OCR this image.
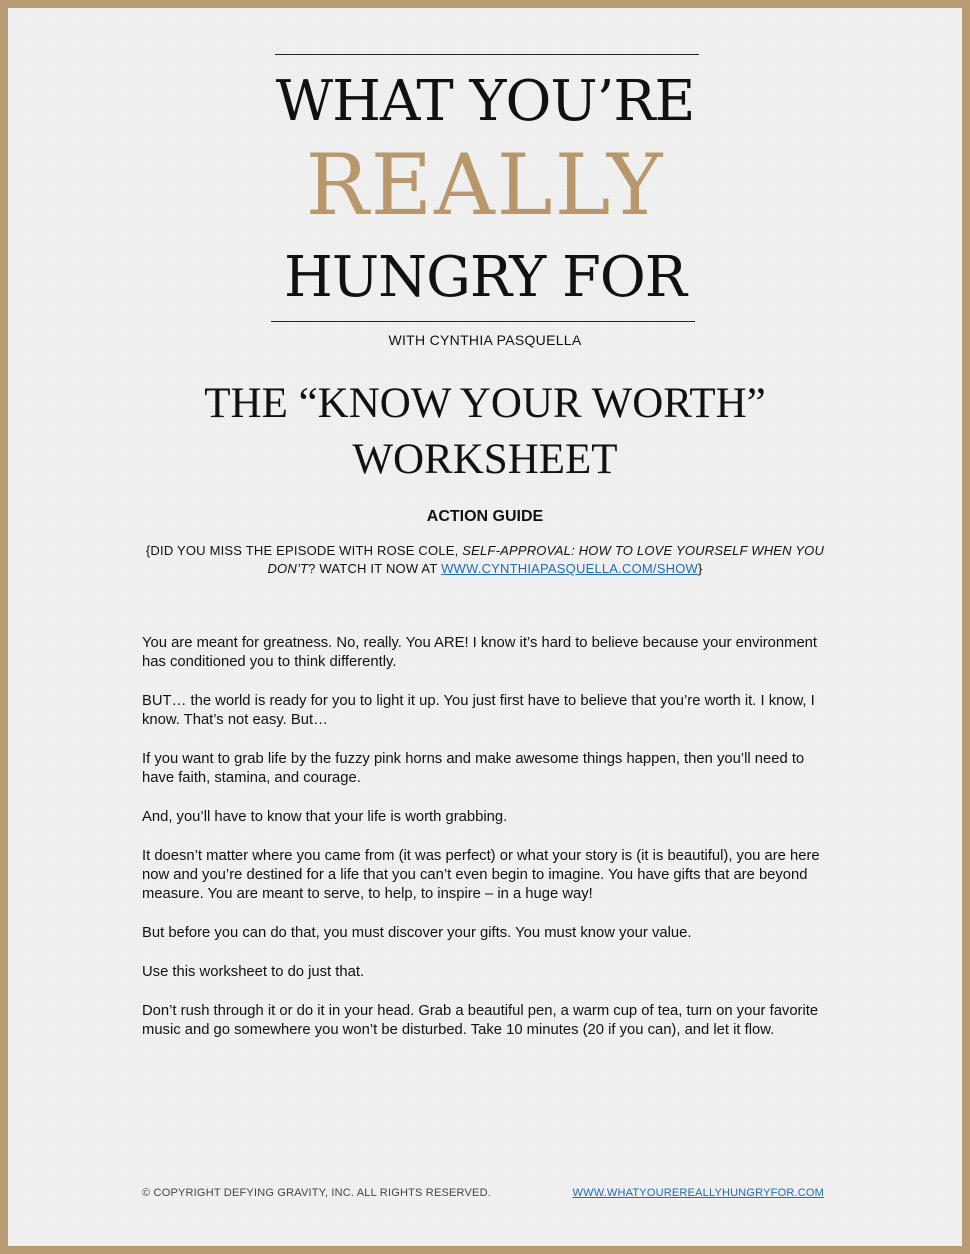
WHAT YOU’RE
REALLY
HUNGRY FOR
WITH CYNTHIA PASQUELLA
THE “KNOW YOUR WORTH”
WORKSHEET
ACTION GUIDE
{DID YOU MISS THE EPISODE WITH ROSE COLE, SELF-APPROVAL: HOW TO LOVE YOURSELF WHEN YOU DON’T? WATCH IT NOW AT WWW.CYNTHIAPASQUELLA.COM/SHOW}

You are meant for greatness. No, really. You ARE! I know it’s hard to believe because your environment has conditioned you to think differently.

BUT… the world is ready for you to light it up. You just first have to believe that you’re worth it. I know, I know. That’s not easy. But…

If you want to grab life by the fuzzy pink horns and make awesome things happen, then you’ll need to have faith, stamina, and courage.

And, you’ll have to know that your life is worth grabbing.

It doesn’t matter where you came from (it was perfect) or what your story is (it is beautiful), you are here now and you’re destined for a life that you can’t even begin to imagine. You have gifts that are beyond measure. You are meant to serve, to help, to inspire – in a huge way!

But before you can do that, you must discover your gifts. You must know your value.

Use this worksheet to do just that.

Don’t rush through it or do it in your head. Grab a beautiful pen, a warm cup of tea, turn on your favorite music and go somewhere you won’t be disturbed. Take 10 minutes (20 if you can), and let it flow.

© COPYRIGHT DEFYING GRAVITY, INC. ALL RIGHTS RESERVED.	WWW.WHATYOUREREALLYHUNGRYFOR.COM
